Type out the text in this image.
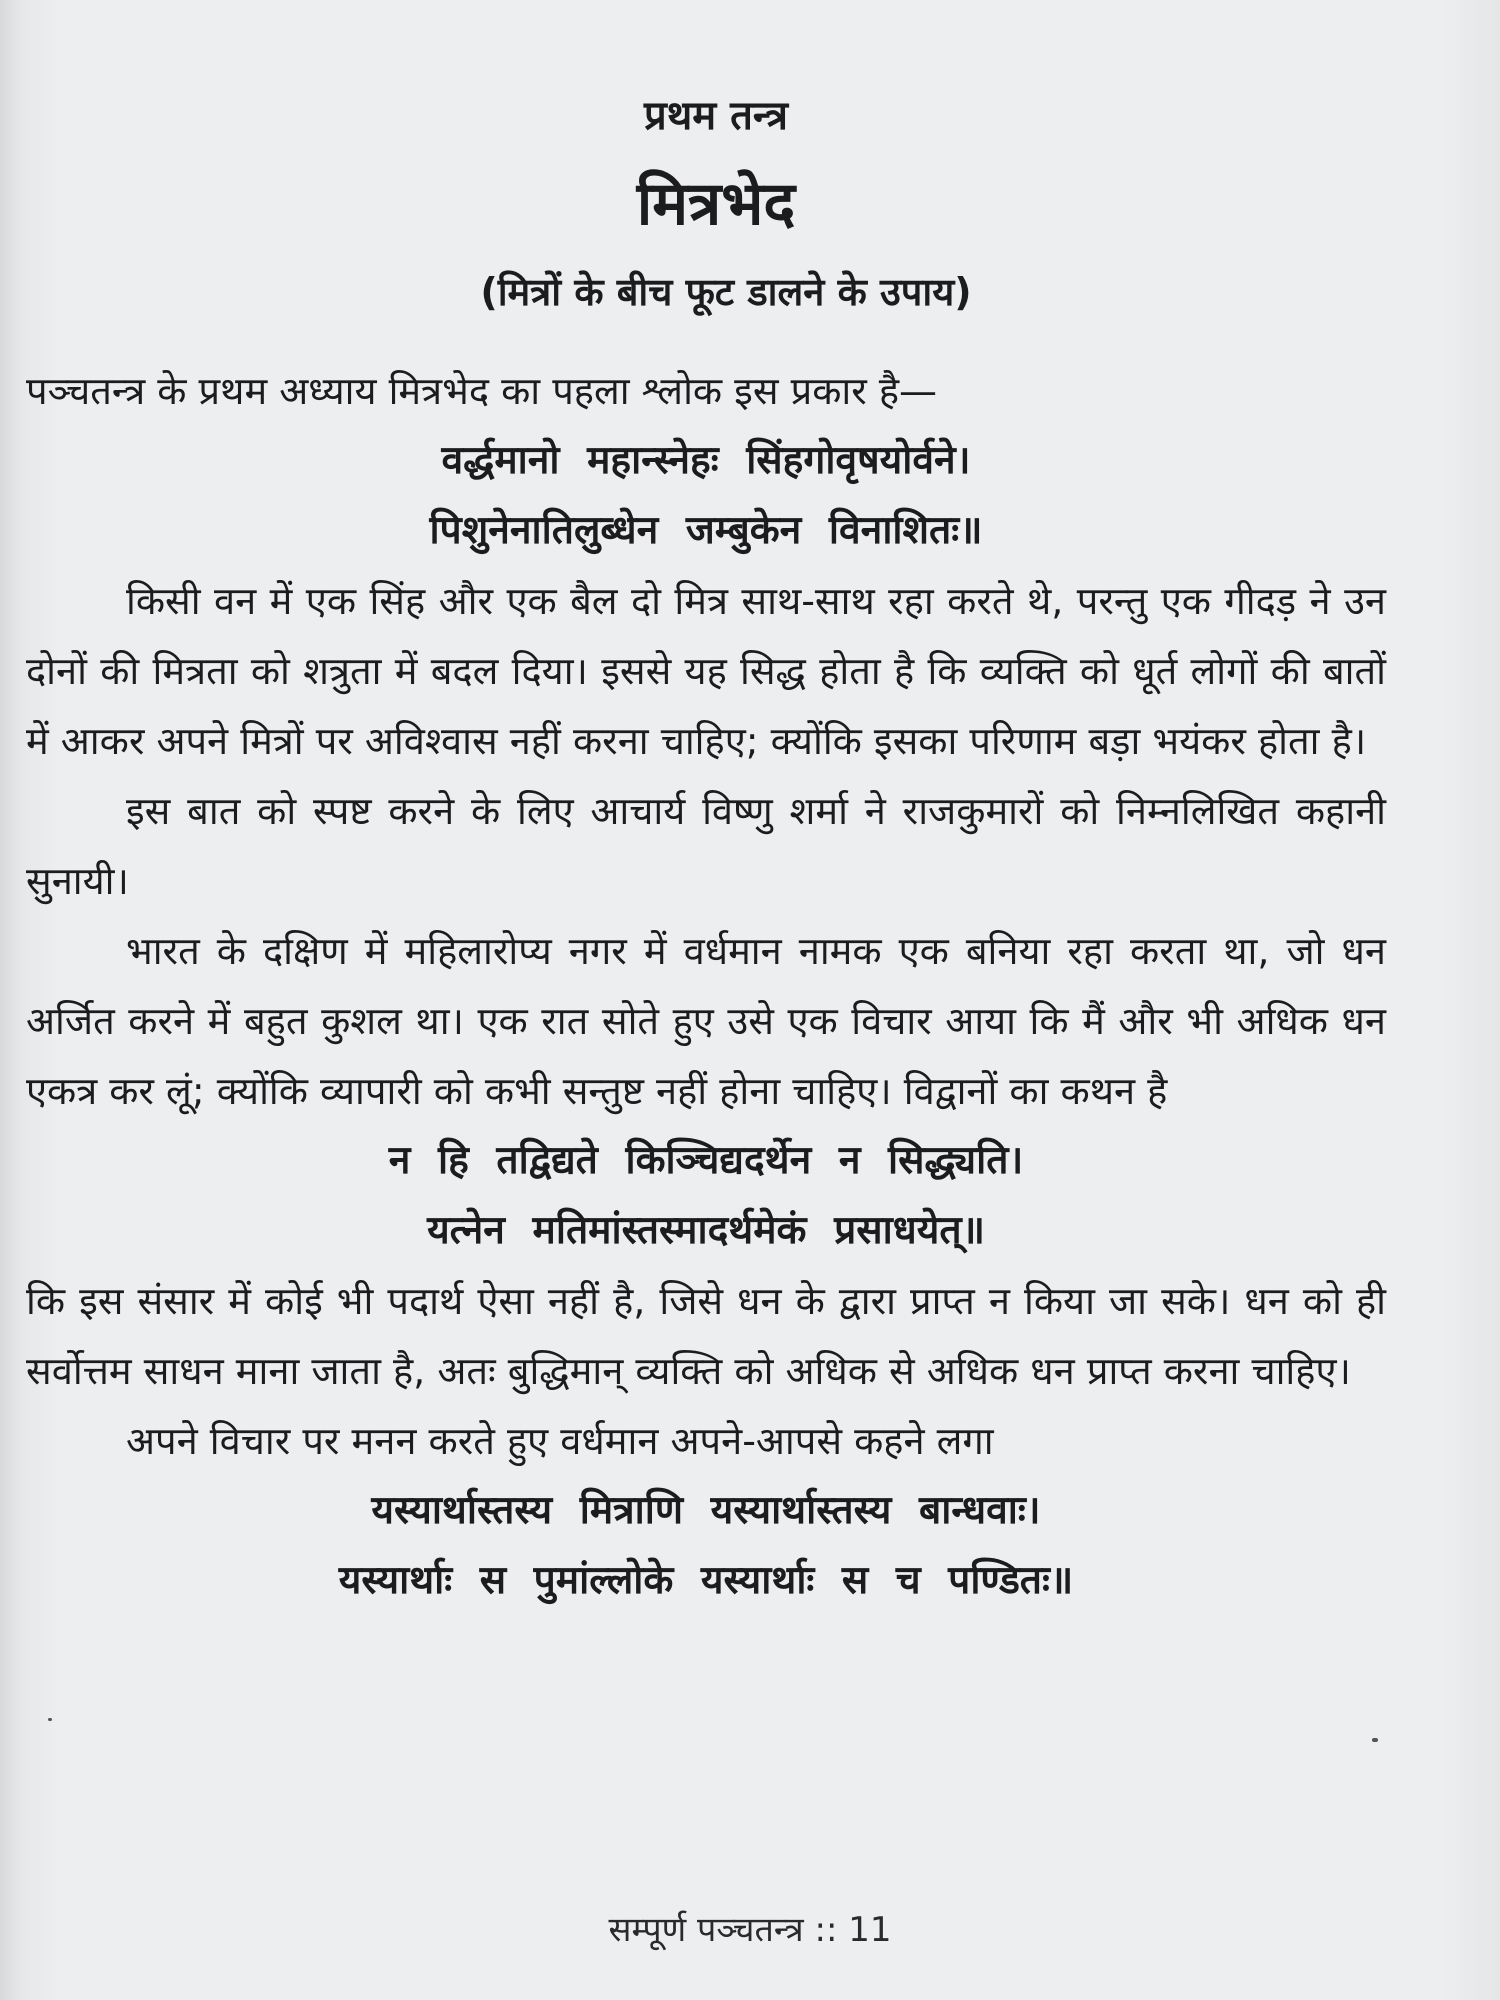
प्रथम तन्त्र
मित्रभेद
(मित्रों के बीच फूट डालने के उपाय)

पञ्चतन्त्र के प्रथम अध्याय मित्रभेद का पहला श्लोक इस प्रकार है—

वर्द्धमानो महान्स्नेहः सिंहगोवृषयोर्वने।

पिशुनेनातिलुब्धेन जम्बुकेन विनाशितः॥

किसी वन में एक सिंह और एक बैल दो मित्र साथ-साथ रहा करते थे, परन्तु एक गीदड़ ने उन दोनों की मित्रता को शत्रुता में बदल दिया। इससे यह सिद्ध होता है कि व्यक्ति को धूर्त लोगों की बातों में आकर अपने मित्रों पर अविश्वास नहीं करना चाहिए; क्योंकि इसका परिणाम बड़ा भयंकर होता है।

इस बात को स्पष्ट करने के लिए आचार्य विष्णु शर्मा ने राजकुमारों को निम्नलिखित कहानी सुनायी।

भारत के दक्षिण में महिलारोप्य नगर में वर्धमान नामक एक बनिया रहा करता था, जो धन अर्जित करने में बहुत कुशल था। एक रात सोते हुए उसे एक विचार आया कि मैं और भी अधिक धन एकत्र कर लूं; क्योंकि व्यापारी को कभी सन्तुष्ट नहीं होना चाहिए। विद्वानों का कथन है

न हि तद्विद्यते किञ्चिद्यदर्थेन न सिद्ध्यति।

यत्नेन मतिमांस्तस्मादर्थमेकं प्रसाधयेत्॥

कि इस संसार में कोई भी पदार्थ ऐसा नहीं है, जिसे धन के द्वारा प्राप्त न किया जा सके। धन को ही सर्वोत्तम साधन माना जाता है, अतः बुद्धिमान् व्यक्ति को अधिक से अधिक धन प्राप्त करना चाहिए।

अपने विचार पर मनन करते हुए वर्धमान अपने-आपसे कहने लगा

यस्यार्थास्तस्य मित्राणि यस्यार्थास्तस्य बान्धवाः।

यस्यार्थाः स पुमांल्लोके यस्यार्थाः स च पण्डितः॥

सम्पूर्ण पञ्चतन्त्र :: 11
